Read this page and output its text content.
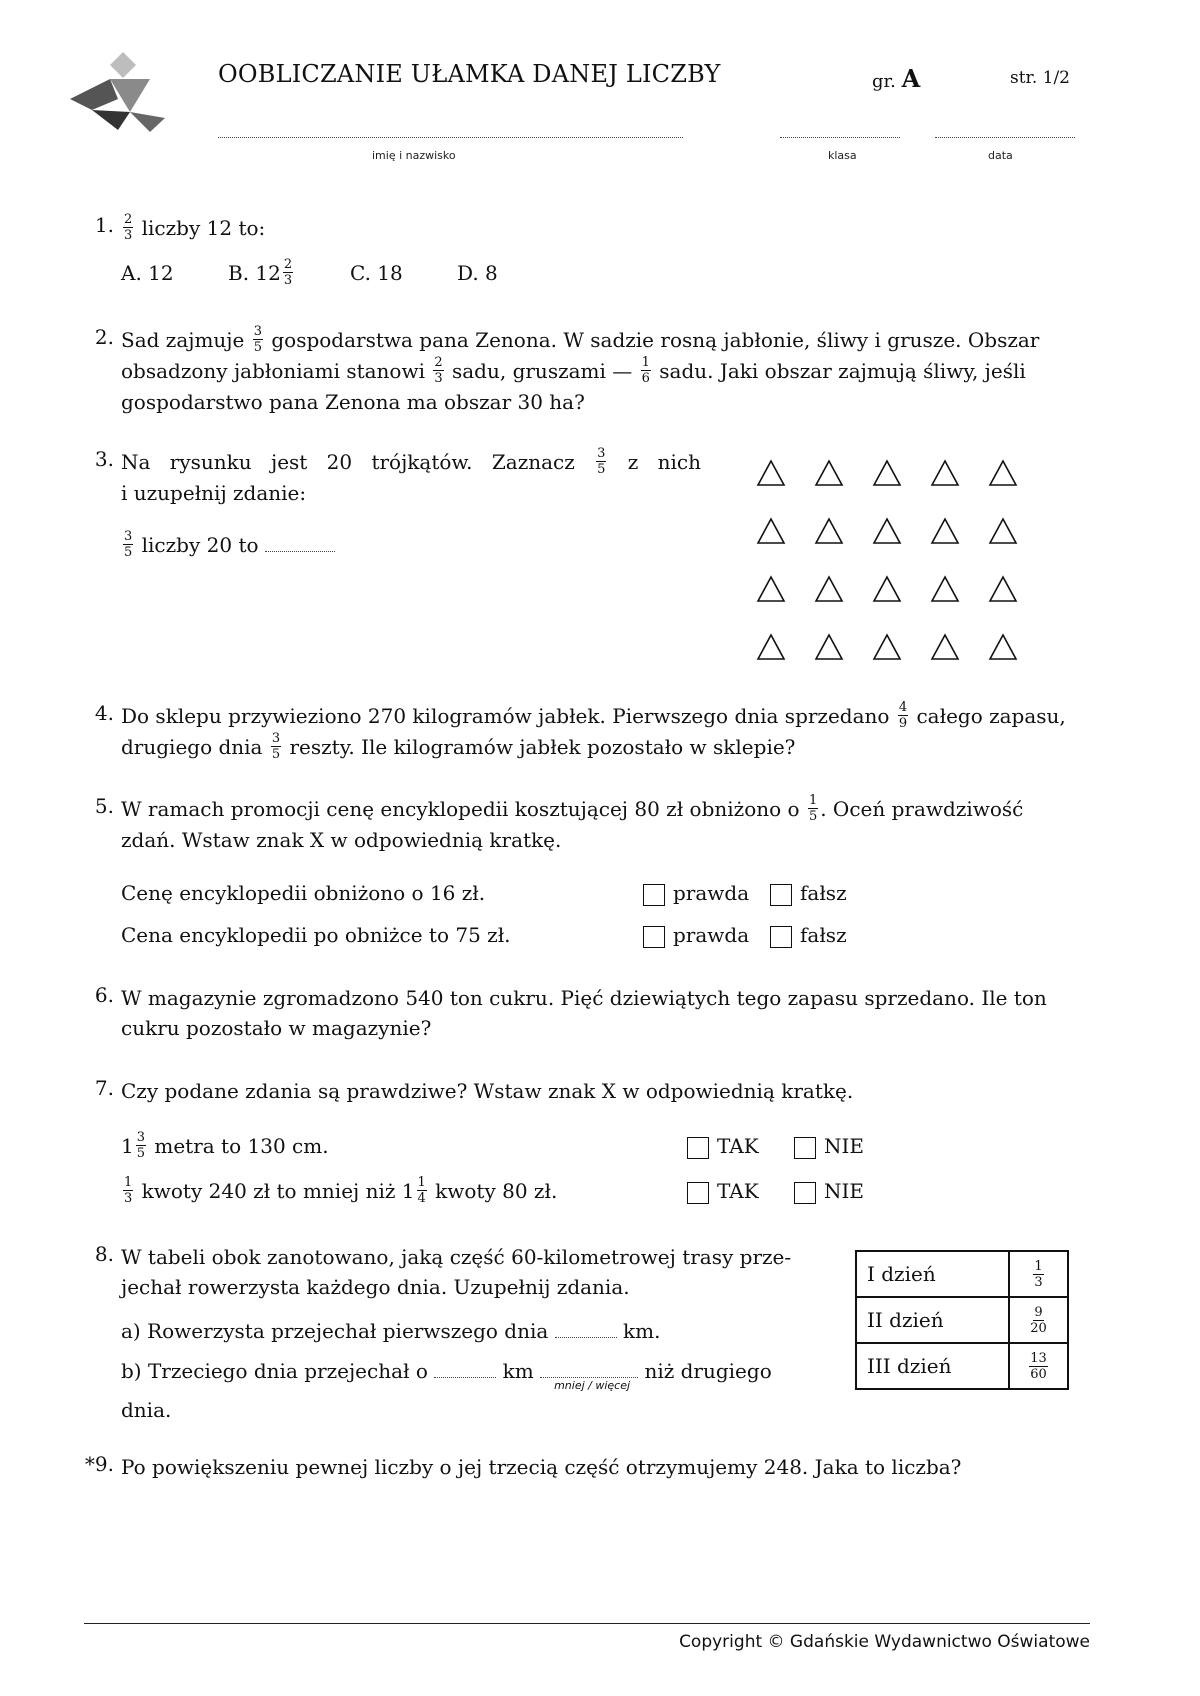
OOBLICZANIE UŁAMKA DANEJ LICZBY	gr. A	str. 1/2
imię i nazwisko	klasa	data
1. $\frac{2}{3}$ liczby 12 to:
A. 12	B. $12 \frac{2}{3}$	C. 18	D. 8
2. Sad zajmuje $\frac{3}{5}$ gospodarstwa pana Zenona. W sadzie rosną jabłonie, śliwy i grusze. Obszar
obsadzony jabłoniami stanowi $\frac{2}{3}$ sadu, gruszami — $\frac{1}{6}$ sadu. Jaki obszar zajmują śliwy, jeśli
gospodarstwo pana Zenona ma obszar 30 ha?
3. Na rysunku jest 20 trójkątów. Zaznacz $\frac{3}{5}$ z nich
i uzupełnij zdanie:
$\frac{3}{5}$ liczby 20 to
4. Do sklepu przywieziono 270 kilogramów jabłek. Pierwszego dnia sprzedano $\frac{4}{9}$ całego zapasu,
drugiego dnia $\frac{3}{5}$ reszty. Ile kilogramów jabłek pozostało w sklepie?
5. W ramach promocji cenę encyklopedii kosztującej 80 zł obniżono o $\frac{1}{5}$ . Oceń prawdziwość
zdań. Wstaw znak X w odpowiednią kratkę.
Cenę encyklopedii obniżono o 16 zł.
Cena encyklopedii po obniżce to 75 zł.
prawda	fałsz
prawda	fałsz
6. W magazynie zgromadzono 540 ton cukru. Pięć dziewiątych tego zapasu sprzedano. Ile ton
cukru pozostało w magazynie?
7. Czy podane zdania są prawdziwe? Wstaw znak X w odpowiednią kratkę.
$1 \frac{3}{5}$ metra to 130 cm.
$\frac{1}{3}$ kwoty 240 zł to mniej niż $1 \frac{1}{4}$ kwoty 80 zł.
TAK	NIE
TAK	NIE
8. W tabeli obok zanotowano, jaką część 60-kilometrowej trasy prze-
jechał rowerzysta każdego dnia. Uzupełnij zdania.
a) Rowerzysta przejechał pierwszego dnia	km.
b) Trzeciego dnia przejechał o	km
mniej / więcej
niż drugiego
dnia.
I dzień	$\frac{1}{3}$

II dzień	$\frac{9}{20}$

III dzień	$\frac{13}{60}$
*9. Po powiększeniu pewnej liczby o jej trzecią część otrzymujemy 248. Jaka to liczba?
Copyright © Gdańskie Wydawnictwo Oświatowe
